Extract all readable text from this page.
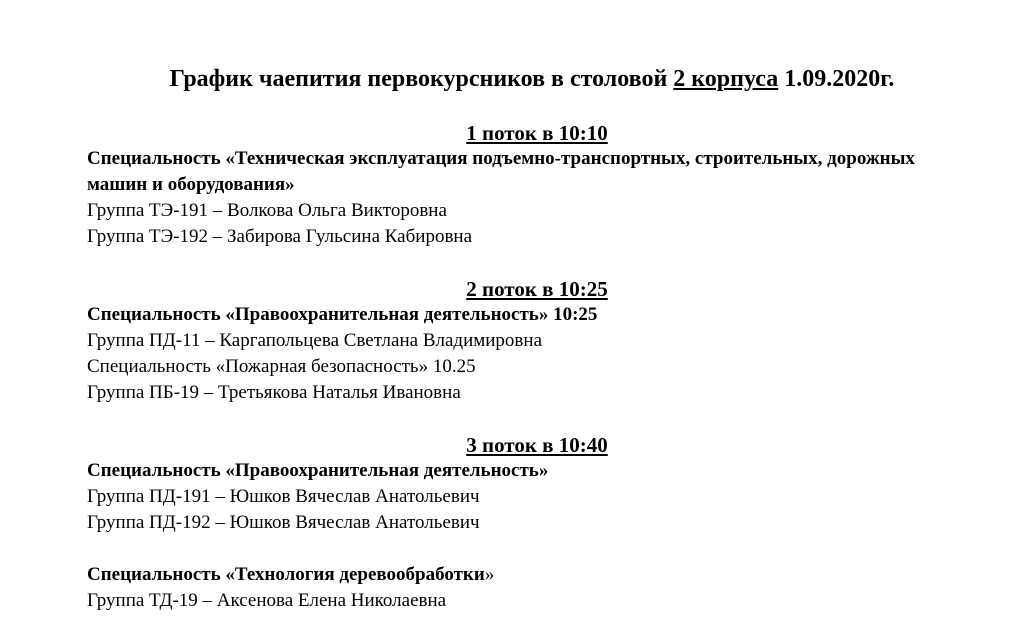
График чаепития первокурсников в столовой 2 корпуса 1.09.2020г.
1 поток в 10:10
Специальность «Техническая эксплуатация подъемно-транспортных, строительных, дорожных машин и оборудования»
Группа ТЭ-191 – Волкова Ольга Викторовна
Группа ТЭ-192 – Забирова Гульсина Кабировна
2 поток в 10:25
Специальность «Правоохранительная деятельность» 10:25
Группа ПД-11 – Каргапольцева Светлана Владимировна
Специальность «Пожарная безопасность» 10.25
Группа ПБ-19 – Третьякова Наталья Ивановна
3 поток в 10:40
Специальность «Правоохранительная деятельность»
Группа ПД-191 – Юшков Вячеслав Анатольевич
Группа ПД-192 – Юшков Вячеслав Анатольевич
Специальность «Технология деревообработки»
Группа ТД-19 – Аксенова Елена Николаевна
